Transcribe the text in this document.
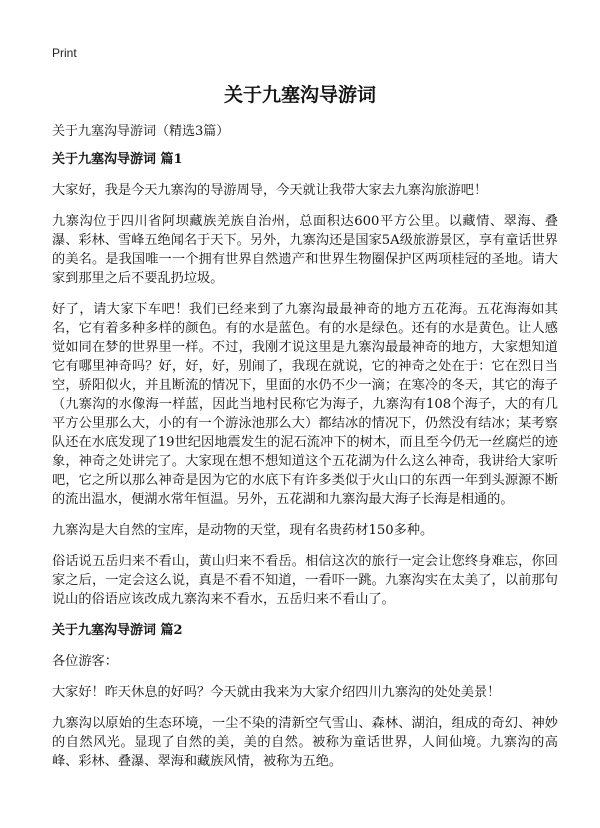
Print
关于九塞沟导游词
关于九塞沟导游词（精选3篇）

关于九塞沟导游词 篇1

大家好，我是今天九寨沟的导游周导，今天就让我带大家去九寨沟旅游吧！

九寨沟位于四川省阿坝藏族羌族自治州，总面积达600平方公里。以藏情、翠海、叠瀑、彩林、雪峰五绝闻名于天下。另外，九寨沟还是国家5A级旅游景区，享有童话世界的美名。是我国唯一一个拥有世界自然遗产和世界生物圈保护区两项桂冠的圣地。请大家到那里之后不要乱扔垃圾。

好了，请大家下车吧！我们已经来到了九寨沟最最神奇的地方五花海。五花海海如其名，它有着多种多样的颜色。有的水是蓝色。有的水是绿色。还有的水是黄色。让人感觉如同在梦的世界里一样。不过，我刚才说这里是九寨沟最最神奇的地方，大家想知道它有哪里神奇吗？好，好，好，别闹了，我现在就说，它的神奇之处在于：它在烈日当空，骄阳似火，并且断流的情况下，里面的水仍不少一滴；在寒冷的冬天，其它的海子（九寨沟的水像海一样蓝，因此当地村民称它为海子，九寨沟有108个海子，大的有几平方公里那么大，小的有一个游泳池那么大）都结冰的情况下，仍然没有结冰；某考察队还在水底发现了19世纪因地震发生的泥石流冲下的树木，而且至今仍无一丝腐烂的迹象，神奇之处讲完了。大家现在想不想知道这个五花湖为什么这么神奇，我讲给大家听吧，它之所以那么神奇是因为它的水底下有许多类似于火山口的东西一年到头源源不断的流出温水，便湖水常年恒温。另外，五花湖和九寨沟最大海子长海是相通的。

九寨沟是大自然的宝库，是动物的天堂，现有名贵药材150多种。

俗话说五岳归来不看山，黄山归来不看岳。相信这次的旅行一定会让您终身难忘，你回家之后，一定会这么说，真是不看不知道，一看吓一跳。九寨沟实在太美了，以前那句说山的俗语应该改成九寨沟来不看水，五岳归来不看山了。

关于九塞沟导游词 篇2

各位游客：

大家好！昨天休息的好吗？今天就由我来为大家介绍四川九寨沟的处处美景！

九寨沟以原始的生态环境，一尘不染的清新空气雪山、森林、湖泊，组成的奇幻、神妙的自然风光。显现了自然的美，美的自然。被称为童话世界，人间仙境。九寨沟的高峰、彩林、叠瀑、翠海和藏族风情，被称为五绝。
